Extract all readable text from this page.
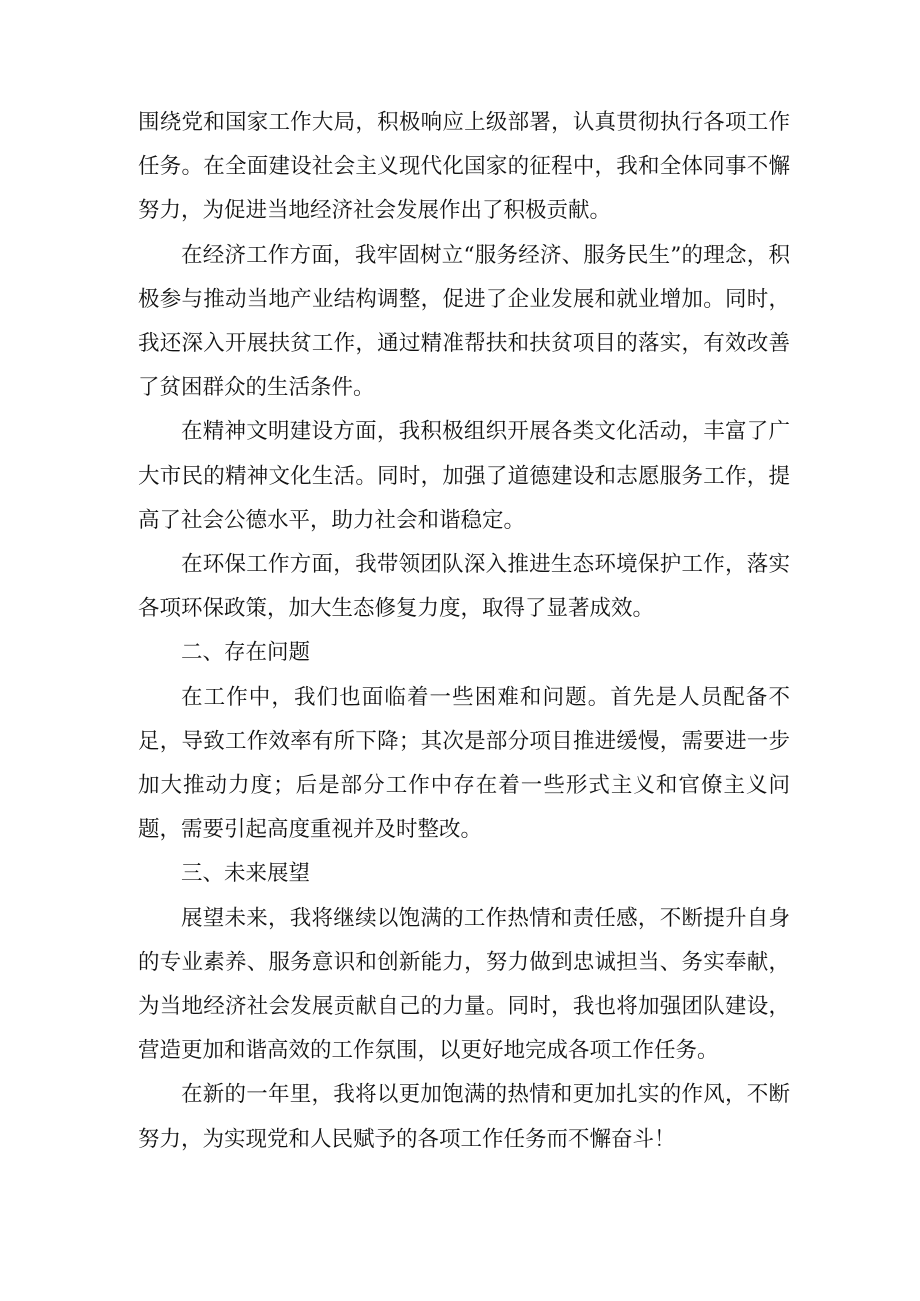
围绕党和国家工作大局，积极响应上级部署，认真贯彻执行各项工作任务。在全面建设社会主义现代化国家的征程中，我和全体同事不懈努力，为促进当地经济社会发展作出了积极贡献。

在经济工作方面，我牢固树立“服务经济、服务民生”的理念，积极参与推动当地产业结构调整，促进了企业发展和就业增加。同时，我还深入开展扶贫工作，通过精准帮扶和扶贫项目的落实，有效改善了贫困群众的生活条件。

在精神文明建设方面，我积极组织开展各类文化活动，丰富了广大市民的精神文化生活。同时，加强了道德建设和志愿服务工作，提高了社会公德水平，助力社会和谐稳定。

在环保工作方面，我带领团队深入推进生态环境保护工作，落实各项环保政策，加大生态修复力度，取得了显著成效。

二、存在问题

在工作中，我们也面临着一些困难和问题。首先是人员配备不足，导致工作效率有所下降；其次是部分项目推进缓慢，需要进一步加大推动力度；后是部分工作中存在着一些形式主义和官僚主义问题，需要引起高度重视并及时整改。

三、未来展望

展望未来，我将继续以饱满的工作热情和责任感，不断提升自身的专业素养、服务意识和创新能力，努力做到忠诚担当、务实奉献，为当地经济社会发展贡献自己的力量。同时，我也将加强团队建设，营造更加和谐高效的工作氛围，以更好地完成各项工作任务。

在新的一年里，我将以更加饱满的热情和更加扎实的作风，不断努力，为实现党和人民赋予的各项工作任务而不懈奋斗！
